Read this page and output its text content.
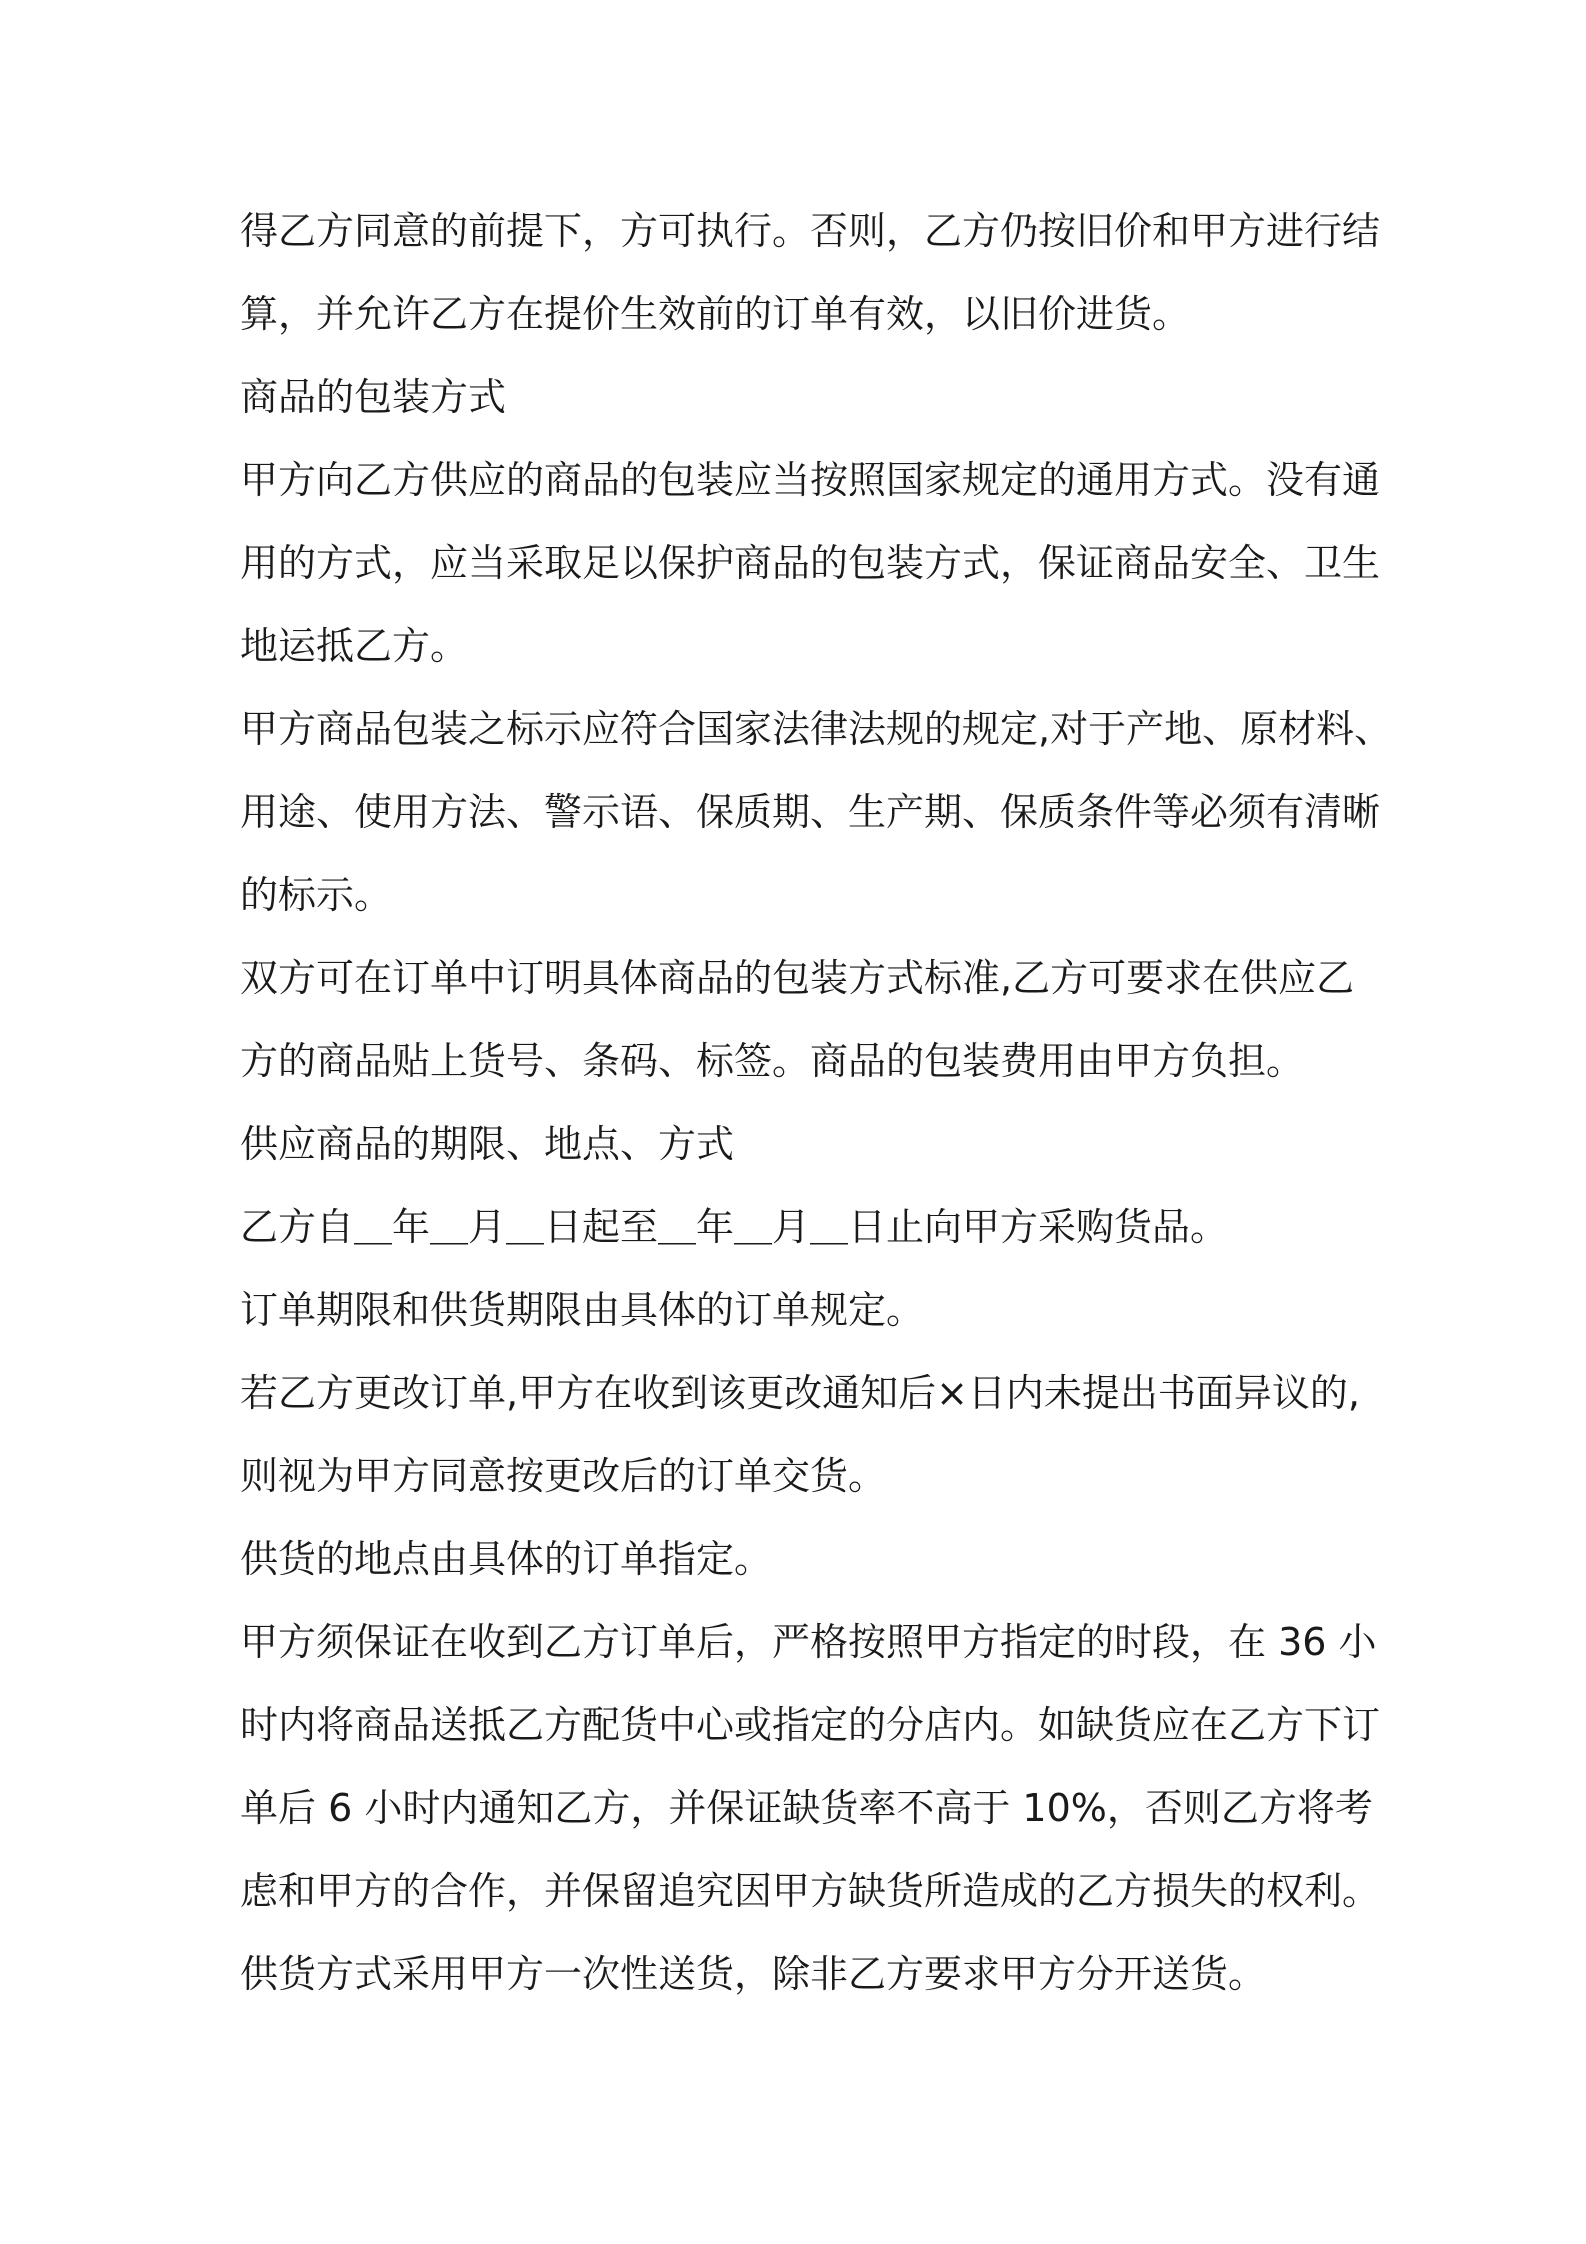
得乙方同意的前提下，方可执行。否则，乙方仍按旧价和甲方进行结
算，并允许乙方在提价生效前的订单有效，以旧价进货。
商品的包装方式
甲方向乙方供应的商品的包装应当按照国家规定的通用方式。没有通
用的方式，应当采取足以保护商品的包装方式，保证商品安全、卫生
地运抵乙方。
甲方商品包装之标示应符合国家法律法规的规定,对于产地、原材料、
用途、使用方法、警示语、保质期、生产期、保质条件等必须有清晰
的标示。
双方可在订单中订明具体商品的包装方式标准,乙方可要求在供应乙
方的商品贴上货号、条码、标签。商品的包装费用由甲方负担。
供应商品的期限、地点、方式
乙方自＿年＿月＿日起至＿年＿月＿日止向甲方采购货品。
订单期限和供货期限由具体的订单规定。
若乙方更改订单,甲方在收到该更改通知后×日内未提出书面异议的,
则视为甲方同意按更改后的订单交货。
供货的地点由具体的订单指定。
甲方须保证在收到乙方订单后，严格按照甲方指定的时段，在 36 小
时内将商品送抵乙方配货中心或指定的分店内。如缺货应在乙方下订
单后 6 小时内通知乙方，并保证缺货率不高于 10%，否则乙方将考
虑和甲方的合作，并保留追究因甲方缺货所造成的乙方损失的权利。
供货方式采用甲方一次性送货，除非乙方要求甲方分开送货。
